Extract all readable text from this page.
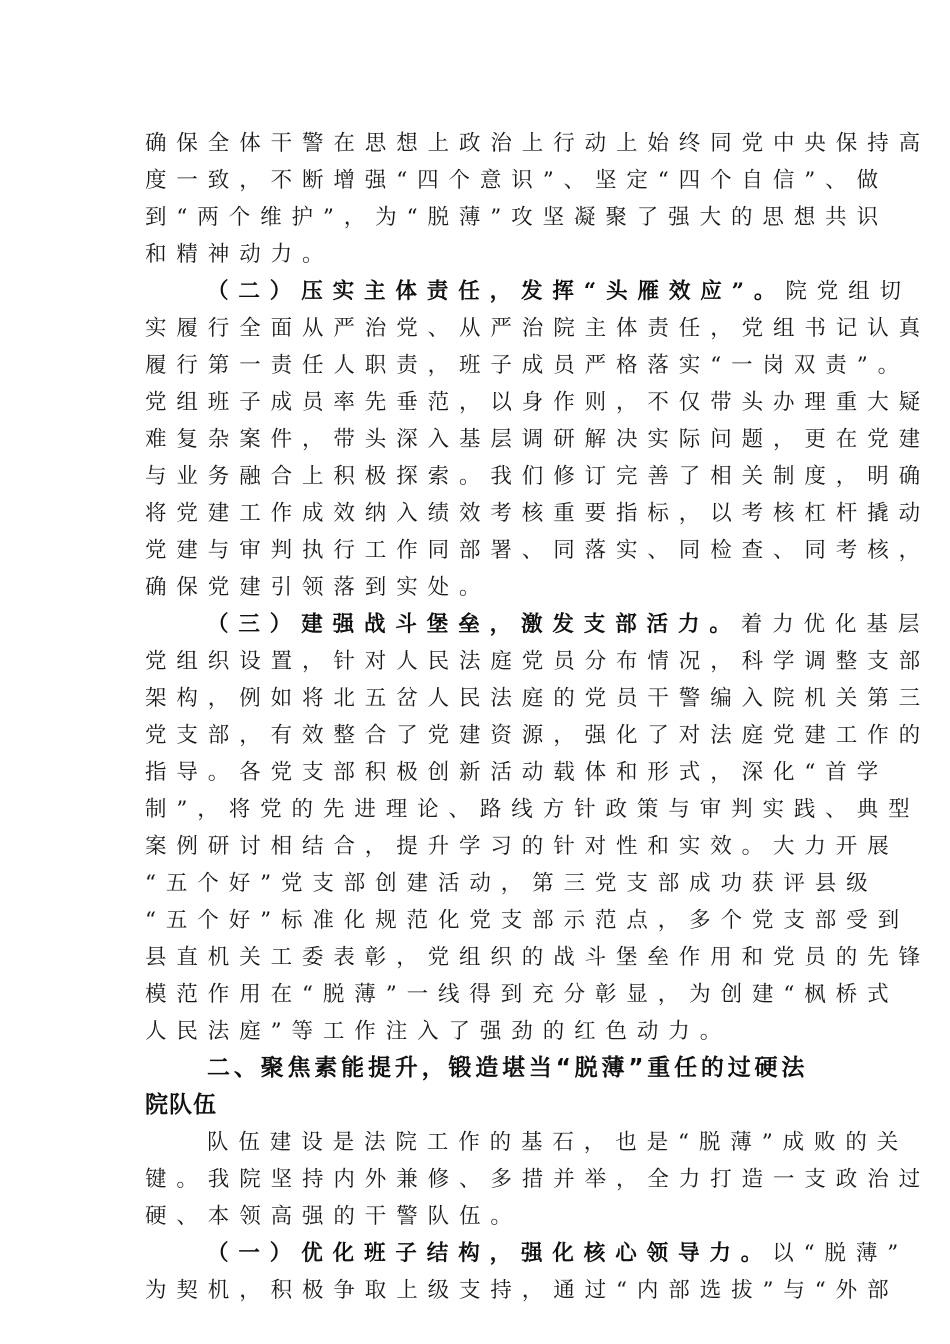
确保全体干警在思想上政治上行动上始终同党中央保持高
度一致，不断增强“四个意识”、坚定“四个自信”、做
到“两个维护”，为“脱薄”攻坚凝聚了强大的思想共识
和精神动力。
（二）压实主体责任，发挥“头雁效应”。院党组切
实履行全面从严治党、从严治院主体责任，党组书记认真
履行第一责任人职责，班子成员严格落实“一岗双责”。
党组班子成员率先垂范，以身作则，不仅带头办理重大疑
难复杂案件，带头深入基层调研解决实际问题，更在党建
与业务融合上积极探索。我们修订完善了相关制度，明确
将党建工作成效纳入绩效考核重要指标，以考核杠杆撬动
党建与审判执行工作同部署、同落实、同检查、同考核，
确保党建引领落到实处。
（三）建强战斗堡垒，激发支部活力。着力优化基层
党组织设置，针对人民法庭党员分布情况，科学调整支部
架构，例如将北五岔人民法庭的党员干警编入院机关第三
党支部，有效整合了党建资源，强化了对法庭党建工作的
指导。各党支部积极创新活动载体和形式，深化“首学
制”，将党的先进理论、路线方针政策与审判实践、典型
案例研讨相结合，提升学习的针对性和实效。大力开展
“五个好”党支部创建活动，第三党支部成功获评县级
“五个好”标准化规范化党支部示范点，多个党支部受到
县直机关工委表彰，党组织的战斗堡垒作用和党员的先锋
模范作用在“脱薄”一线得到充分彰显，为创建“枫桥式
人民法庭”等工作注入了强劲的红色动力。
二、聚焦素能提升，锻造堪当“脱薄”重任的过硬法
院队伍
队伍建设是法院工作的基石，也是“脱薄”成败的关
键。我院坚持内外兼修、多措并举，全力打造一支政治过
硬、本领高强的干警队伍。
（一）优化班子结构，强化核心领导力。以“脱薄”
为契机，积极争取上级支持，通过“内部选拔”与“外部
